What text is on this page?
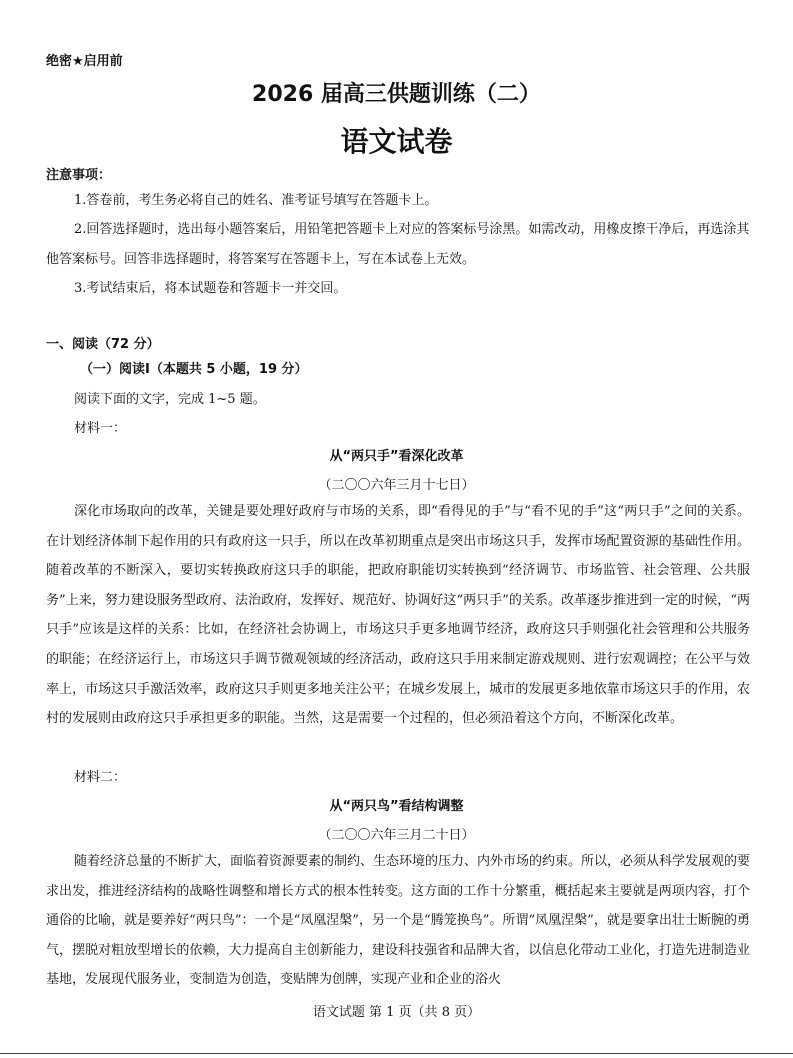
绝密★启用前
2026 届高三供题训练（二）
语文试卷
注意事项：
1.答卷前，考生务必将自己的姓名、准考证号填写在答题卡上。
2.回答选择题时，选出每小题答案后，用铅笔把答题卡上对应的答案标号涂黑。如需改动，用橡皮擦干净后，再选涂其他答案标号。回答非选择题时，将答案写在答题卡上，写在本试卷上无效。
3.考试结束后，将本试题卷和答题卡一并交回。
一、阅读（72 分）
（一）阅读Ⅰ（本题共 5 小题，19 分）
阅读下面的文字，完成 1~5 题。
材料一：
从“两只手”看深化改革
（二〇〇六年三月十七日）
深化市场取向的改革，关键是要处理好政府与市场的关系，即“看得见的手”与“看不见的手”这“两只手”之间的关系。在计划经济体制下起作用的只有政府这一只手，所以在改革初期重点是突出市场这只手，发挥市场配置资源的基础性作用。随着改革的不断深入，要切实转换政府这只手的职能，把政府职能切实转换到“经济调节、市场监管、社会管理、公共服务”上来，努力建设服务型政府、法治政府，发挥好、规范好、协调好这“两只手”的关系。改革逐步推进到一定的时候，“两只手”应该是这样的关系：比如，在经济社会协调上，市场这只手更多地调节经济，政府这只手则强化社会管理和公共服务的职能；在经济运行上，市场这只手调节微观领域的经济活动，政府这只手用来制定游戏规则、进行宏观调控；在公平与效率上，市场这只手激活效率，政府这只手则更多地关注公平；在城乡发展上，城市的发展更多地依靠市场这只手的作用，农村的发展则由政府这只手承担更多的职能。当然，这是需要一个过程的，但必须沿着这个方向，不断深化改革。
材料二：
从“两只鸟”看结构调整
（二〇〇六年三月二十日）
随着经济总量的不断扩大，面临着资源要素的制约、生态环境的压力、内外市场的约束。所以，必须从科学发展观的要求出发，推进经济结构的战略性调整和增长方式的根本性转变。这方面的工作十分繁重，概括起来主要就是两项内容，打个通俗的比喻，就是要养好“两只鸟”：一个是“凤凰涅槃”，另一个是“腾笼换鸟”。所谓“凤凰涅槃”，就是要拿出壮士断腕的勇气，摆脱对粗放型增长的依赖，大力提高自主创新能力，建设科技强省和品牌大省，以信息化带动工业化，打造先进制造业基地，发展现代服务业，变制造为创造，变贴牌为创牌，实现产业和企业的浴火
语文试题 第 1 页（共 8 页）
